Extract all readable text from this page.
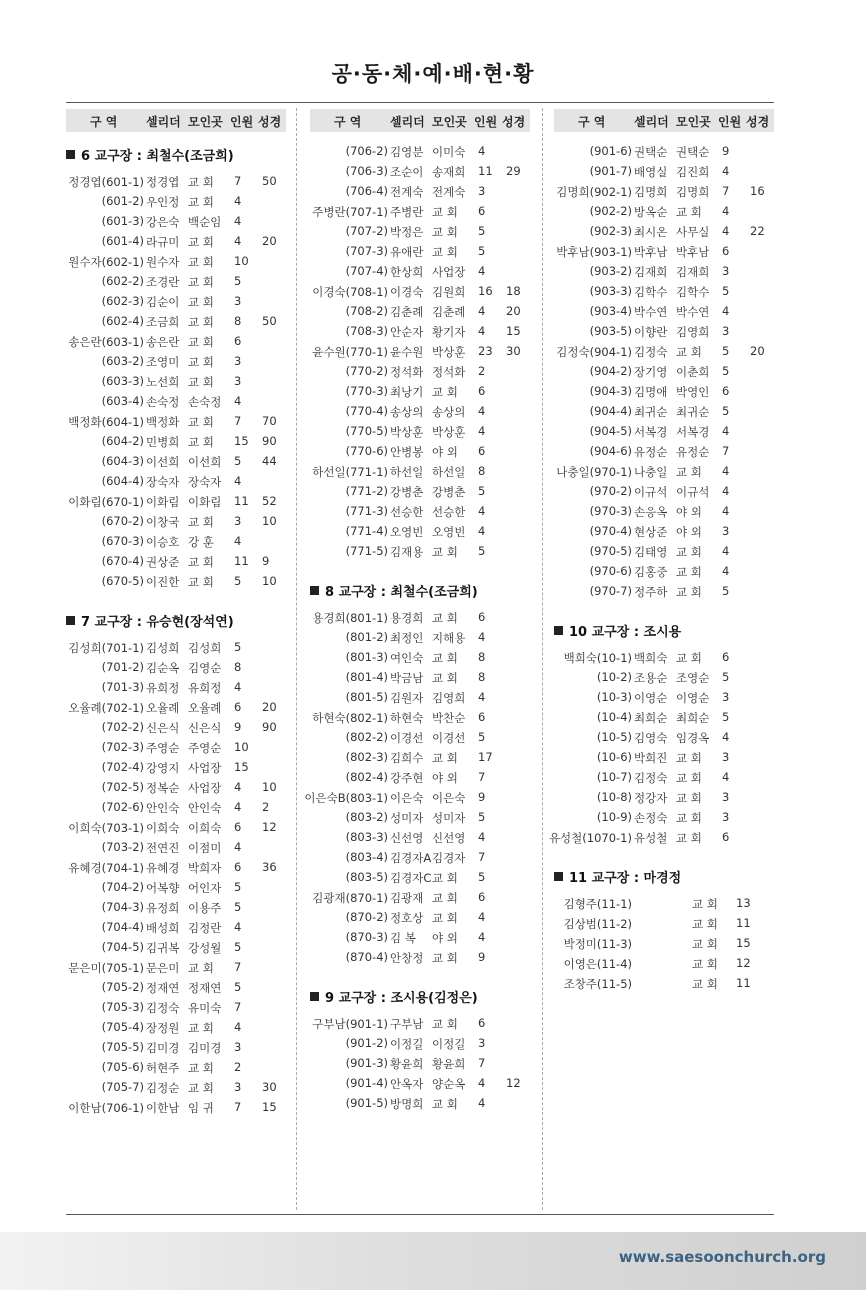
공·동·체·예·배·현·황
구 역 셀리더 모인곳 인원 성경
6 교구장 : 최철수(조금희)
정경엽(601-1) 정경엽 교 회 7 50
(601-2) 우인정 교 회 4
(601-3) 강은숙 백순임 4
(601-4) 라규미 교 회 4 20
원수자(602-1) 원수자 교 회 10
(602-2) 조경란 교 회 5
(602-3) 김순이 교 회 3
(602-4) 조금희 교 회 8 50
송은란(603-1) 송은란 교 회 6
(603-2) 조영미 교 회 3
(603-3) 노선희 교 회 3
(603-4) 손숙정 손숙정 4
백정화(604-1) 백정화 교 회 7 70
(604-2) 민병희 교 회 15 90
(604-3) 이선희 이선희 5 44
(604-4) 장숙자 장숙자 4
이화림(670-1) 이화림 이화림 11 52
(670-2) 이창국 교 회 3 10
(670-3) 이승호 강 훈 4
(670-4) 권상준 교 회 11 9
(670-5) 이진한 교 회 5 10
7 교구장 : 유승현(장석연)
김성희(701-1) 김성희 김성희 5
(701-2) 김순옥 김영순 8
(701-3) 유희정 유희정 4
오율례(702-1) 오율례 오율례 6 20
(702-2) 신은식 신은식 9 90
(702-3) 주영순 주영순 10
(702-4) 강영지 사업장 15
(702-5) 정복순 사업장 4 10
(702-6) 안인숙 안인숙 4 2
이희숙(703-1) 이희숙 이희숙 6 12
(703-2) 전연진 이점미 4
유혜경(704-1) 유혜경 박희자 6 36
(704-2) 어복향 어인자 5
(704-3) 유정희 이용주 5
(704-4) 배성희 김정란 4
(704-5) 김귀복 강성월 5
문은미(705-1) 문은미 교 회 7
(705-2) 정재연 정재연 5
(705-3) 김정숙 유미숙 7
(705-4) 장정원 교 회 4
(705-5) 김미경 김미경 3
(705-6) 허현주 교 회 2
(705-7) 김정순 교 회 3 30
이한남(706-1) 이한남 임 귀 7 15
구 역 셀리더 모인곳 인원 성경
(706-2) 김영분 이미숙 4
(706-3) 조순이 송재희 11 29
(706-4) 전계숙 전계숙 3
주병란(707-1) 주병란 교 회 6
(707-2) 박정은 교 회 5
(707-3) 유애란 교 회 5
(707-4) 한상희 사업장 4
이경숙(708-1) 이경숙 김원희 16 18
(708-2) 김춘례 김춘례 4 20
(708-3) 안순자 황기자 4 15
윤수원(770-1) 윤수원 박상훈 23 30
(770-2) 정석화 정석화 2
(770-3) 최낭기 교 회 6
(770-4) 송상의 송상의 4
(770-5) 박상훈 박상훈 4
(770-6) 안병봉 야 외 6
하선일(771-1) 하선일 하선일 8
(771-2) 강병춘 강병춘 5
(771-3) 선승한 선승한 4
(771-4) 오영빈 오영빈 4
(771-5) 김재용 교 회 5
8 교구장 : 최철수(조금희)
용경희(801-1) 용경희 교 회 6
(801-2) 최정인 지해용 4
(801-3) 여인숙 교 회 8
(801-4) 박금남 교 회 8
(801-5) 김원자 김영희 4
하현숙(802-1) 하현숙 박찬순 6
(802-2) 이경선 이경선 5
(802-3) 김희수 교 회 17
(802-4) 강주현 야 외 7
이은숙B(803-1) 이은숙 이은숙 9
(803-2) 성미자 성미자 5
(803-3) 신선영 신선영 4
(803-4) 김경자A 김경자 7
(803-5) 김경자C 교 회 5
김광재(870-1) 김광재 교 회 6
(870-2) 정호상 교 회 4
(870-3) 김 복 야 외 4
(870-4) 안창정 교 회 9
9 교구장 : 조시용(김정은)
구부남(901-1) 구부남 교 회 6
(901-2) 이정길 이정길 3
(901-3) 황윤희 황윤희 7
(901-4) 안옥자 양순옥 4 12
(901-5) 방명희 교 회 4
구 역 셀리더 모인곳 인원 성경
(901-6) 권택순 권택순 9
(901-7) 배영실 김진희 4
김명희(902-1) 김명희 김명희 7 16
(902-2) 방옥순 교 회 4
(902-3) 최시온 사무실 4 22
박후남(903-1) 박후남 박후남 6
(903-2) 김재희 김재희 3
(903-3) 김학수 김학수 5
(903-4) 박수연 박수연 4
(903-5) 이향란 김영희 3
김정숙(904-1) 김정숙 교 회 5 20
(904-2) 장기영 이춘희 5
(904-3) 김명애 박영인 6
(904-4) 최귀순 최귀순 5
(904-5) 서복경 서복경 4
(904-6) 유정순 유정순 7
나충일(970-1) 나충일 교 회 4
(970-2) 이규석 이규석 4
(970-3) 손응옥 야 외 4
(970-4) 현상준 야 외 3
(970-5) 김태영 교 회 4
(970-6) 김홍중 교 회 4
(970-7) 정주하 교 회 5
10 교구장 : 조시용
백희숙(10-1) 백희숙 교 회 6
(10-2) 조용순 조영순 5
(10-3) 이영순 이영순 3
(10-4) 최희순 최희순 5
(10-5) 김영숙 임경옥 4
(10-6) 박희진 교 회 3
(10-7) 김정숙 교 회 4
(10-8) 정강자 교 회 3
(10-9) 손정숙 교 회 3
유성철(1070-1) 유성철 교 회 6
11 교구장 : 마경정
김형주(11-1)	교 회 13
김상범(11-2)	교 회 11
박정미(11-3)	교 회 15
이영은(11-4)	교 회 12
조창주(11-5)	교 회 11
www.saesoonchurch.org
